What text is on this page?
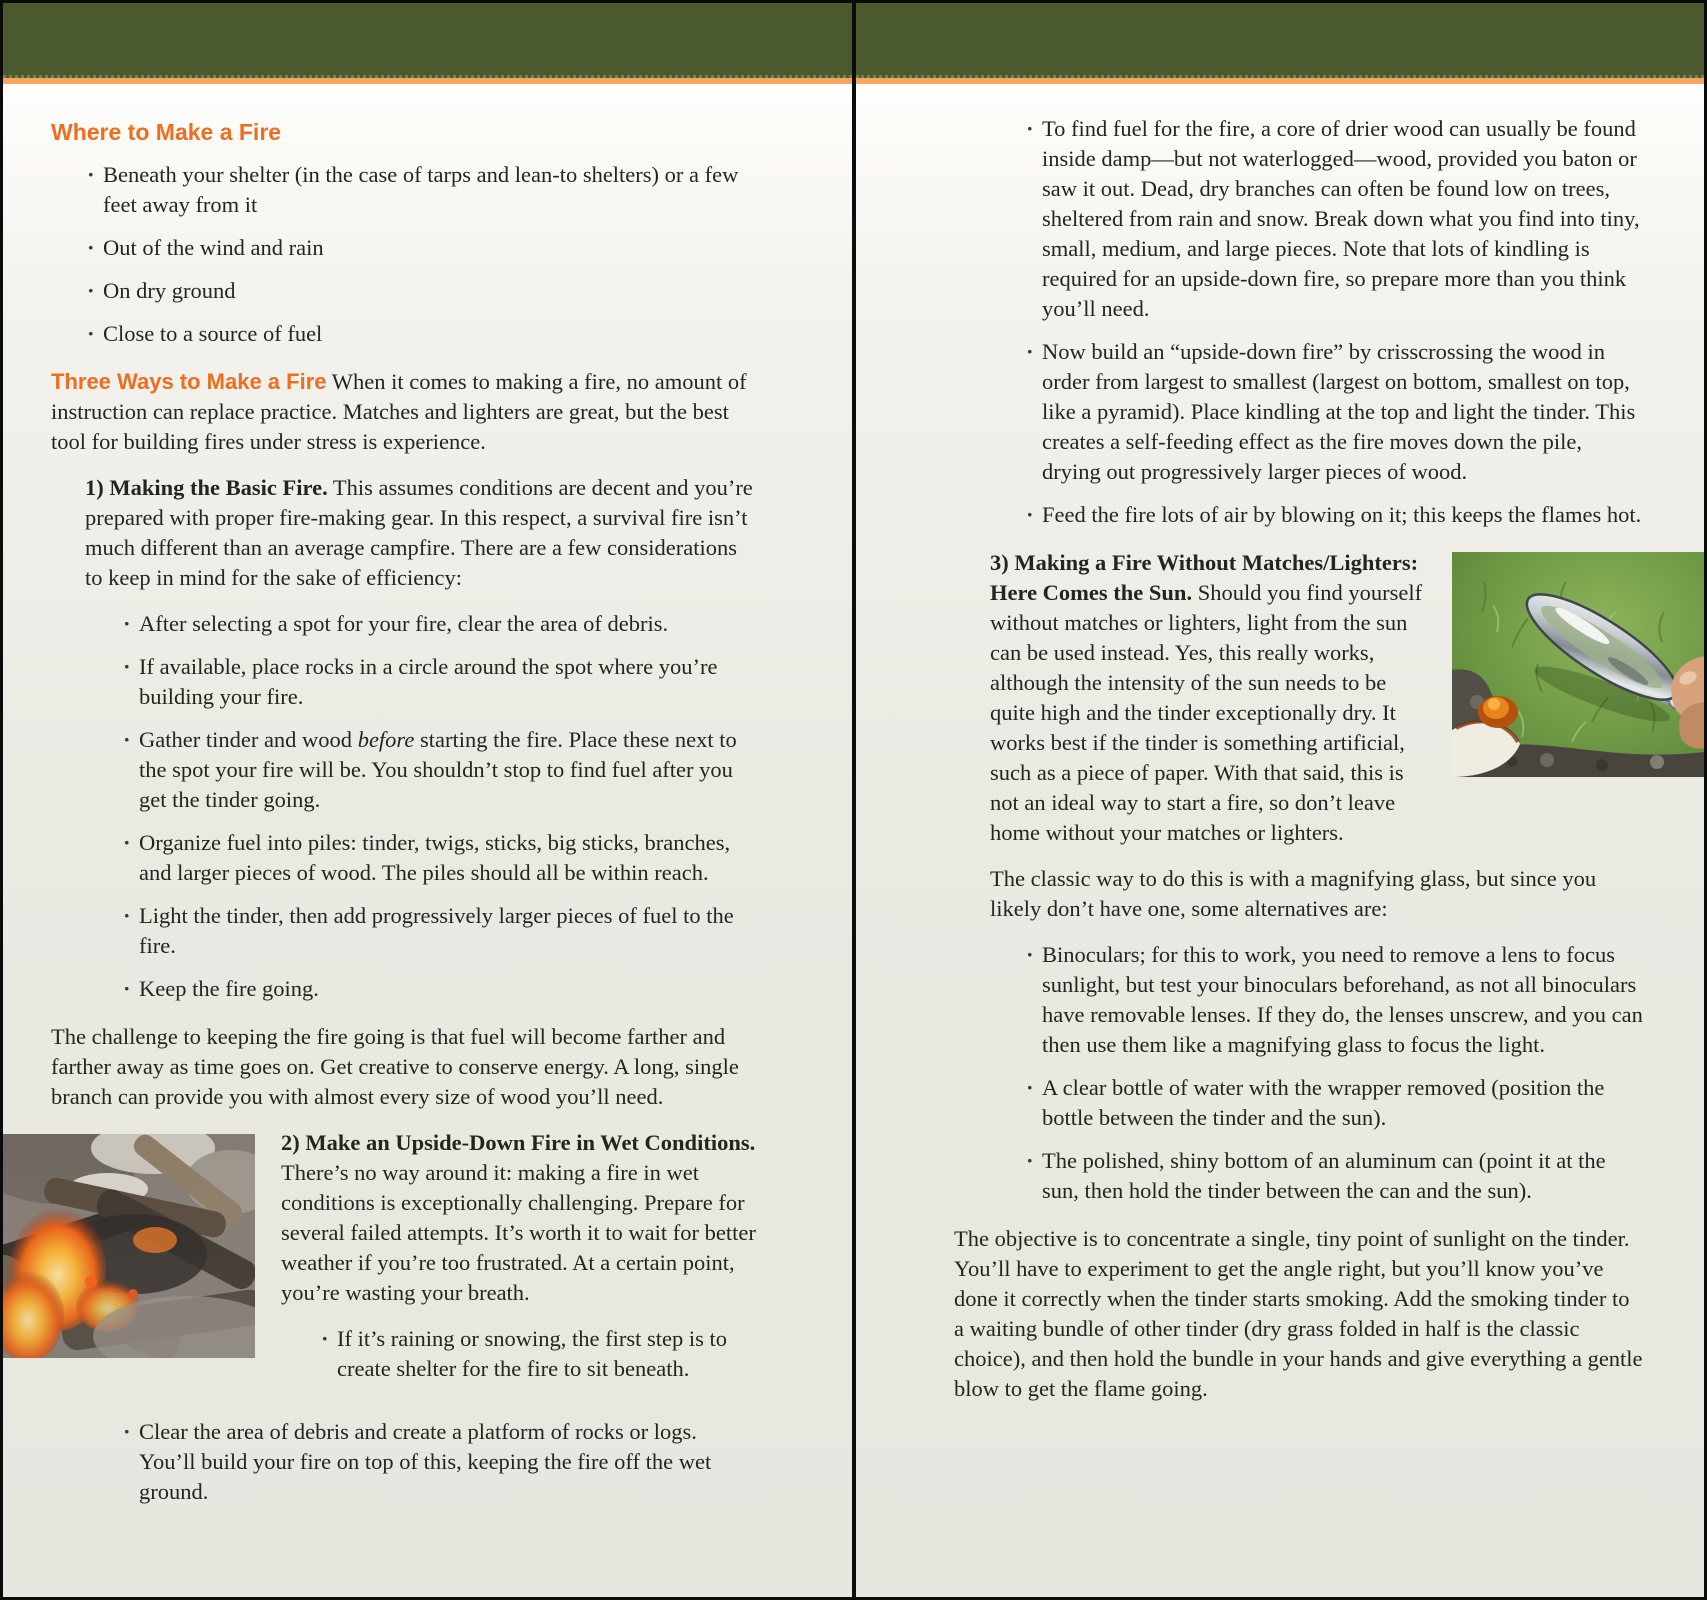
Where to Make a Fire
· Beneath your shelter (in the case of tarps and lean-to shelters) or a few feet away from it
· Out of the wind and rain
· On dry ground
· Close to a source of fuel

Three Ways to Make a Fire When it comes to making a fire, no amount of instruction can replace practice. Matches and lighters are great, but the best tool for building fires under stress is experience.

1) Making the Basic Fire. This assumes conditions are decent and you’re prepared with proper fire-making gear. In this respect, a survival fire isn’t much different than an average campfire. There are a few considerations to keep in mind for the sake of efficiency:

· After selecting a spot for your fire, clear the area of debris.
· If available, place rocks in a circle around the spot where you’re building your fire.
· Gather tinder and wood before starting the fire. Place these next to the spot your fire will be. You shouldn’t stop to find fuel after you get the tinder going.
· Organize fuel into piles: tinder, twigs, sticks, big sticks, branches, and larger pieces of wood. The piles should all be within reach.
· Light the tinder, then add progressively larger pieces of fuel to the fire.
· Keep the fire going.

The challenge to keeping the fire going is that fuel will become farther and farther away as time goes on. Get creative to conserve energy. A long, single branch can provide you with almost every size of wood you’ll need.

2) Make an Upside-Down Fire in Wet Conditions. There’s no way around it: making a fire in wet conditions is exceptionally challenging. Prepare for several failed attempts. It’s worth it to wait for better weather if you’re too frustrated. At a certain point, you’re wasting your breath.

· If it’s raining or snowing, the first step is to create shelter for the fire to sit beneath.
· Clear the area of debris and create a platform of rocks or logs. You’ll build your fire on top of this, keeping the fire off the wet ground.
· To find fuel for the fire, a core of drier wood can usually be found inside damp—but not waterlogged—wood, provided you baton or saw it out. Dead, dry branches can often be found low on trees, sheltered from rain and snow. Break down what you find into tiny, small, medium, and large pieces. Note that lots of kindling is required for an upside-down fire, so prepare more than you think you’ll need.
· Now build an “upside-down fire” by crisscrossing the wood in order from largest to smallest (largest on bottom, smallest on top, like a pyramid). Place kindling at the top and light the tinder. This creates a self-feeding effect as the fire moves down the pile, drying out progressively larger pieces of wood.
· Feed the fire lots of air by blowing on it; this keeps the flames hot.

3) Making a Fire Without Matches/Lighters: Here Comes the Sun. Should you find yourself without matches or lighters, light from the sun can be used instead. Yes, this really works, although the intensity of the sun needs to be quite high and the tinder exceptionally dry. It works best if the tinder is something artificial, such as a piece of paper. With that said, this is not an ideal way to start a fire, so don’t leave home without your matches or lighters.

The classic way to do this is with a magnifying glass, but since you likely don’t have one, some alternatives are:

· Binoculars; for this to work, you need to remove a lens to focus sunlight, but test your binoculars beforehand, as not all binoculars have removable lenses. If they do, the lenses unscrew, and you can then use them like a magnifying glass to focus the light.
· A clear bottle of water with the wrapper removed (position the bottle between the tinder and the sun).
· The polished, shiny bottom of an aluminum can (point it at the sun, then hold the tinder between the can and the sun).

The objective is to concentrate a single, tiny point of sunlight on the tinder. You’ll have to experiment to get the angle right, but you’ll know you’ve done it correctly when the tinder starts smoking. Add the smoking tinder to a waiting bundle of other tinder (dry grass folded in half is the classic choice), and then hold the bundle in your hands and give everything a gentle blow to get the flame going.
